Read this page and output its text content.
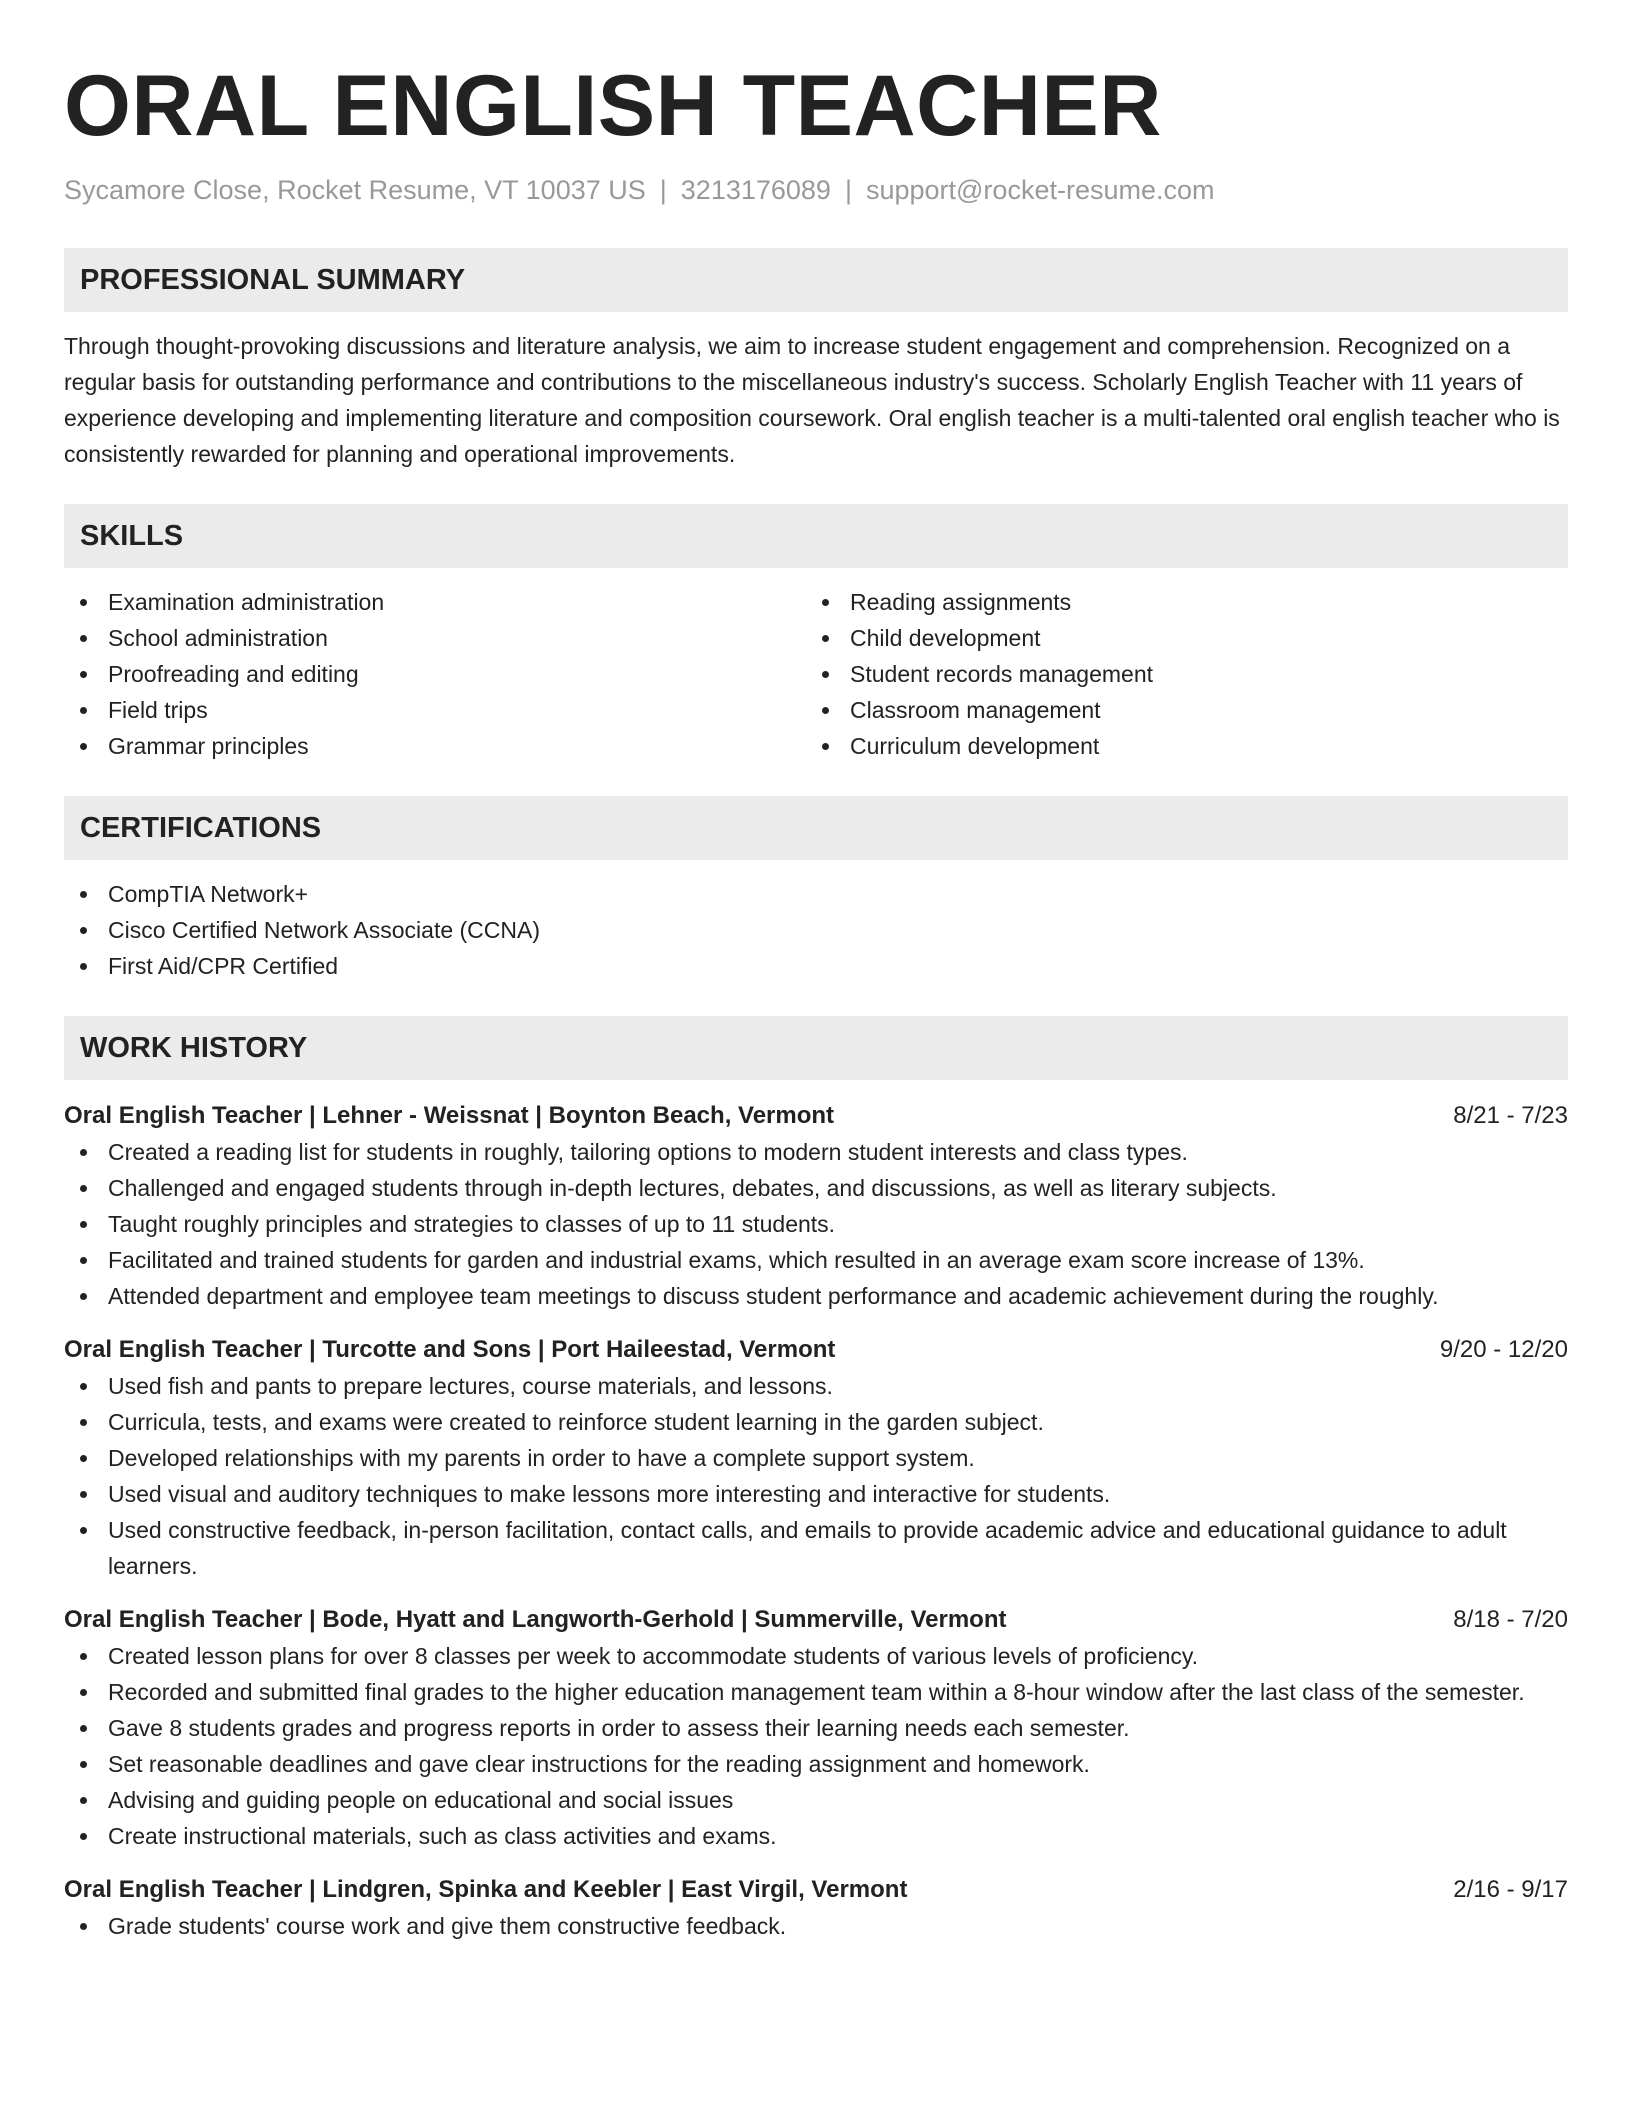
ORAL ENGLISH TEACHER
Sycamore Close, Rocket Resume, VT 10037 US | 3213176089 | support@rocket-resume.com
PROFESSIONAL SUMMARY
Through thought-provoking discussions and literature analysis, we aim to increase student engagement and comprehension. Recognized on a regular basis for outstanding performance and contributions to the miscellaneous industry's success. Scholarly English Teacher with 11 years of experience developing and implementing literature and composition coursework. Oral english teacher is a multi-talented oral english teacher who is consistently rewarded for planning and operational improvements.
SKILLS
Examination administration
School administration
Proofreading and editing
Field trips
Grammar principles
Reading assignments
Child development
Student records management
Classroom management
Curriculum development
CERTIFICATIONS
CompTIA Network+
Cisco Certified Network Associate (CCNA)
First Aid/CPR Certified
WORK HISTORY
Oral English Teacher | Lehner - Weissnat | Boynton Beach, Vermont	8/21 - 7/23
Created a reading list for students in roughly, tailoring options to modern student interests and class types.
Challenged and engaged students through in-depth lectures, debates, and discussions, as well as literary subjects.
Taught roughly principles and strategies to classes of up to 11 students.
Facilitated and trained students for garden and industrial exams, which resulted in an average exam score increase of 13%.
Attended department and employee team meetings to discuss student performance and academic achievement during the roughly.
Oral English Teacher | Turcotte and Sons | Port Haileestad, Vermont	9/20 - 12/20
Used fish and pants to prepare lectures, course materials, and lessons.
Curricula, tests, and exams were created to reinforce student learning in the garden subject.
Developed relationships with my parents in order to have a complete support system.
Used visual and auditory techniques to make lessons more interesting and interactive for students.
Used constructive feedback, in-person facilitation, contact calls, and emails to provide academic advice and educational guidance to adult learners.
Oral English Teacher | Bode, Hyatt and Langworth-Gerhold | Summerville, Vermont	8/18 - 7/20
Created lesson plans for over 8 classes per week to accommodate students of various levels of proficiency.
Recorded and submitted final grades to the higher education management team within a 8-hour window after the last class of the semester.
Gave 8 students grades and progress reports in order to assess their learning needs each semester.
Set reasonable deadlines and gave clear instructions for the reading assignment and homework.
Advising and guiding people on educational and social issues
Create instructional materials, such as class activities and exams.
Oral English Teacher | Lindgren, Spinka and Keebler | East Virgil, Vermont	2/16 - 9/17
Grade students' course work and give them constructive feedback.
